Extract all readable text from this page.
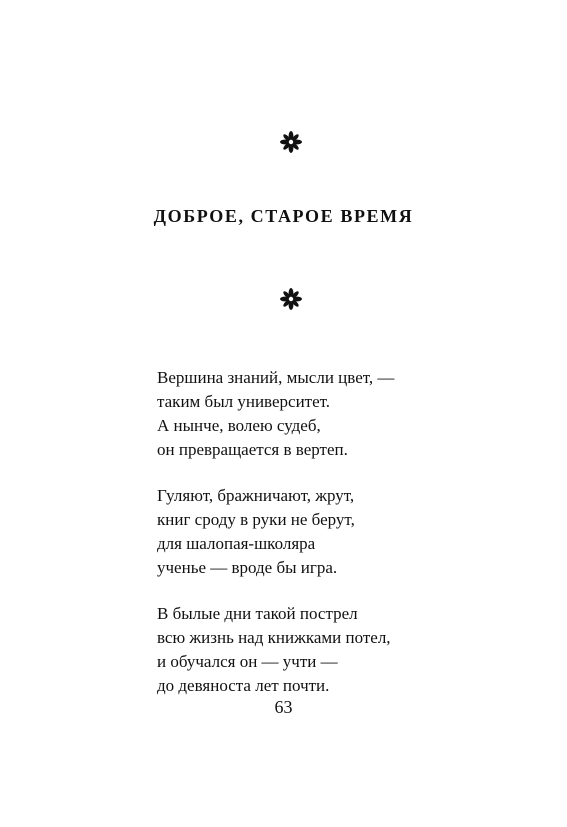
ДОБРОЕ, СТАРОЕ ВРЕМЯ
Вершина знаний, мысли цвет, —
таким был университет.
А нынче, волею судеб,
он превращается в вертеп.
Гуляют, бражничают, жрут,
книг сроду в руки не берут,
для шалопая-школяра
ученье — вроде бы игра.
В былые дни такой пострел
всю жизнь над книжками потел,
и обучался он — учти —
до девяноста лет почти.
63
